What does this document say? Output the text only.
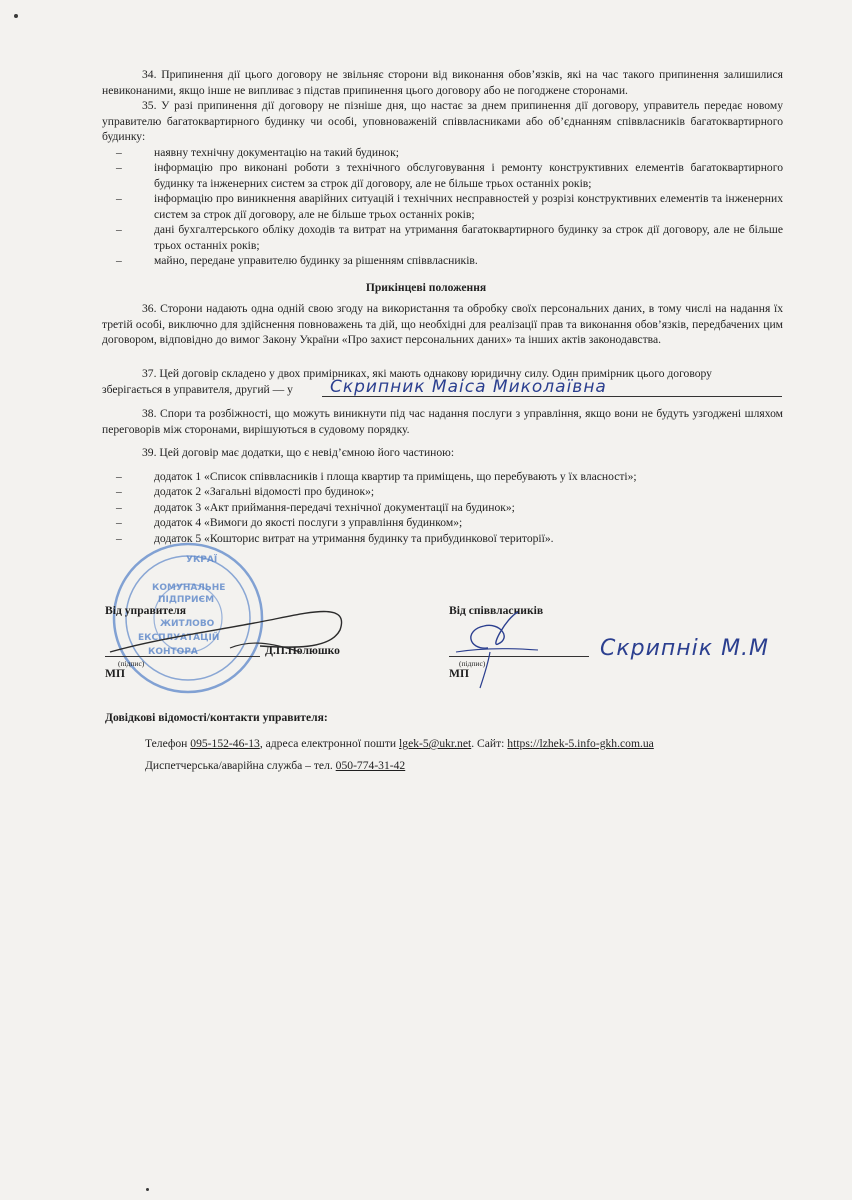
34. Припинення дії цього договору не звільняє сторони від виконання обов’язків, які на час такого припинення залишилися невиконаними, якщо інше не випливає з підстав припинення цього договору або не погоджене сторонами.

35. У разі припинення дії договору не пізніше дня, що настає за днем припинення дії договору, управитель передає новому управителю багатоквартирного будинку чи особі, уповноваженій співвласниками або об’єднанням співвласників багатоквартирного будинку:

– наявну технічну документацію на такий будинок;
– інформацію про виконані роботи з технічного обслуговування і ремонту конструктивних елементів багатоквартирного будинку та інженерних систем за строк дії договору, але не більше трьох останніх років;
– інформацію про виникнення аварійних ситуацій і технічних несправностей у розрізі конструктивних елементів та інженерних систем за строк дії договору, але не більше трьох останніх років;
– дані бухгалтерського обліку доходів та витрат на утримання багатоквартирного будинку за строк дії договору, але не більше трьох останніх років;
– майно, передане управителю будинку за рішенням співвласників.
Прикінцеві положення

36. Сторони надають одна одній свою згоду на використання та обробку своїх персональних даних, в тому числі на надання їх третій особі, виключно для здійснення повноважень та дій, що необхідні для реалізації прав та виконання обов’язків, передбачених цим договором, відповідно до вимог Закону України «Про захист персональних даних» та інших актів законодавства.

37. Цей договір складено у двох примірниках, які мають однакову юридичну силу. Один примірник цього договору

зберігається в управителя, другий — у Скрипник Маіса Миколаївна

38. Спори та розбіжності, що можуть виникнути під час надання послуги з управління, якщо вони не будуть узгоджені шляхом переговорів між сторонами, вирішуються в судовому порядку.

39. Цей договір має додатки, що є невід’ємною його частиною:

– додаток 1 «Список співвласників і площа квартир та приміщень, що перебувають у їх власності»;
– додаток 2 «Загальні відомості про будинок»;
– додаток 3 «Акт приймання-передачі технічної документації на будинок»;
– додаток 4 «Вимоги до якості послуги з управління будинком»;
– додаток 5 «Кошторис витрат на утримання будинку та прибудинкової території».
УКРАЇ
КОМУНАЛЬНЕ
ПІДПРИЄМ
ЖИТЛОВО
ЕКСПЛУАТАЦІЙ
КОНТОРА
Від управителя
Д.П.Полюшко
(підпис)
МП
Від співвласників
(підпис)
МП
Скрипнік М.М
Довідкові відомості/контакти управителя:
Телефон 095-152-46-13, адреса електронної пошти lgek-5@ukr.net. Сайт: https://lzhek-5.info-gkh.com.ua
Диспетчерська/аварійна служба – тел. 050-774-31-42
